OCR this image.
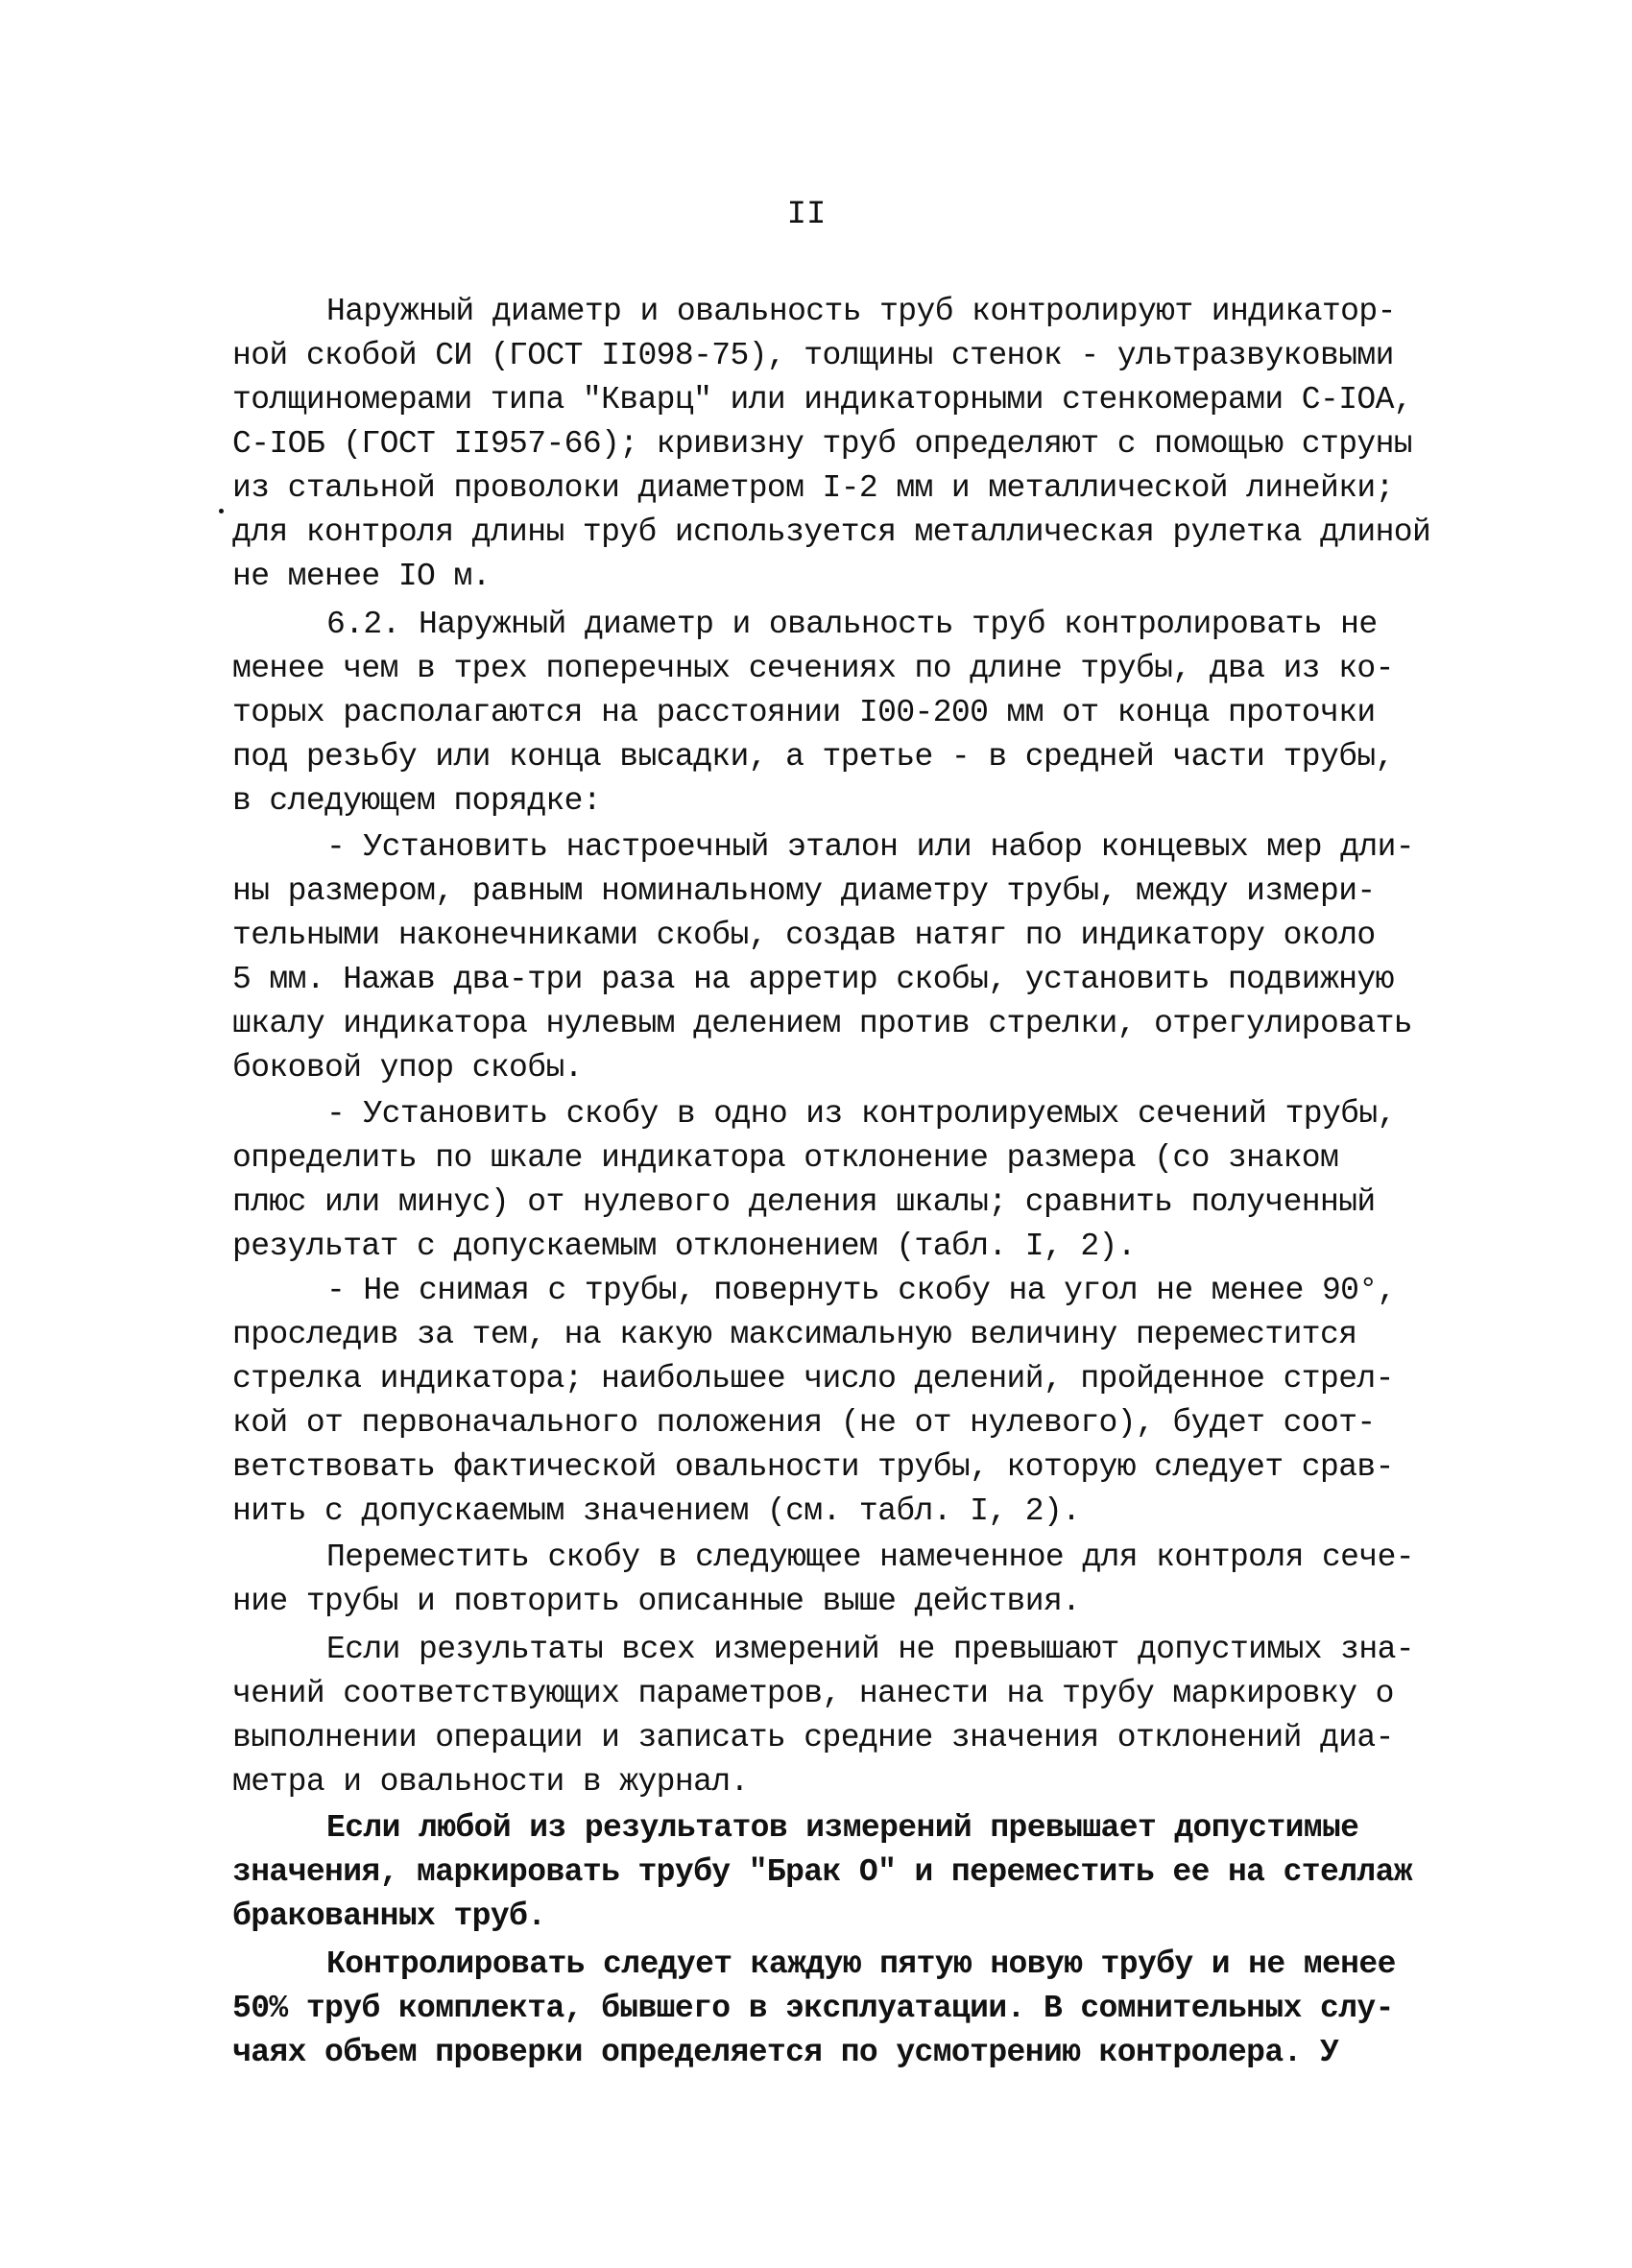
II
Наружный диаметр и овальность труб контролируют индикатор-
ной скобой СИ (ГОСТ II098-75), толщины стенок - ультразвуковыми
толщиномерами типа "Кварц" или индикаторными стенкомерами С-IOA,
С-IOБ (ГОСТ II957-66); кривизну труб определяют с помощью струны
из стальной проволоки диаметром I-2 мм и металлической линейки;
для контроля длины труб используется металлическая рулетка длиной
не менее IO м.
6.2. Наружный диаметр и овальность труб контролировать не
менее чем в трех поперечных сечениях по длине трубы, два из ко-
торых располагаются на расстоянии I00-200 мм от конца проточки
под резьбу или конца высадки, а третье - в средней части трубы,
в следующем порядке:
- Установить настроечный эталон или набор концевых мер дли-
ны размером, равным номинальному диаметру трубы, между измери-
тельными наконечниками скобы, создав натяг по индикатору около
5 мм. Нажав два-три раза на арретир скобы, установить подвижную
шкалу индикатора нулевым делением против стрелки, отрегулировать
боковой упор скобы.
- Установить скобу в одно из контролируемых сечений трубы,
определить по шкале индикатора отклонение размера (со знаком
плюс или минус) от нулевого деления шкалы; сравнить полученный
результат с допускаемым отклонением (табл. I, 2).
- Не снимая с трубы, повернуть скобу на угол не менее 90°,
проследив за тем, на какую максимальную величину переместится
стрелка индикатора; наибольшее число делений, пройденное стрел-
кой от первоначального положения (не от нулевого), будет соот-
ветствовать фактической овальности трубы, которую следует срав-
нить с допускаемым значением (см. табл. I, 2).
Переместить скобу в следующее намеченное для контроля сече-
ние трубы и повторить описанные выше действия.
Если результаты всех измерений не превышают допустимых зна-
чений соответствующих параметров, нанести на трубу маркировку о
выполнении операции и записать средние значения отклонений диа-
метра и овальности в журнал.
Если любой из результатов измерений превышает допустимые
значения, маркировать трубу "Брак О" и переместить ее на стеллаж
бракованных труб.
Контролировать следует каждую пятую новую трубу и не менее
50% труб комплекта, бывшего в эксплуатации. В сомнительных слу-
чаях объем проверки определяется по усмотрению контролера. У
